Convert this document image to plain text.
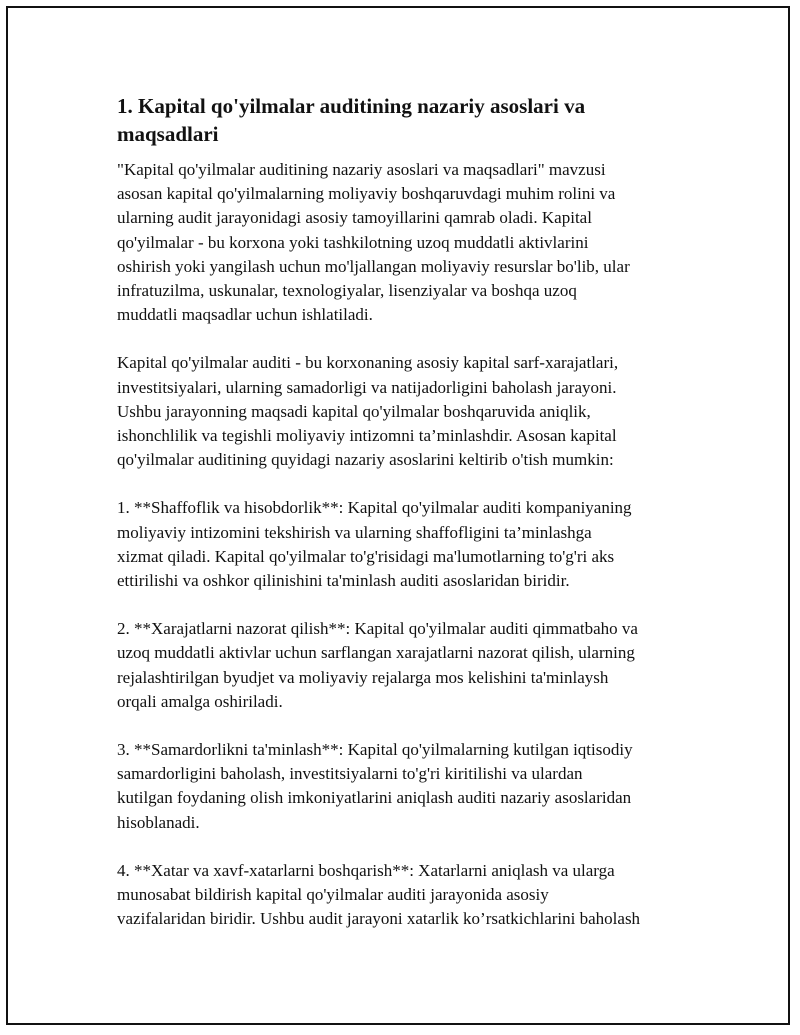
1. Kapital qo'yilmalar auditining nazariy asoslari va
maqsadlari

"Kapital qo'yilmalar auditining nazariy asoslari va maqsadlari" mavzusi
asosan kapital qo'yilmalarning moliyaviy boshqaruvdagi muhim rolini va
ularning audit jarayonidagi asosiy tamoyillarini qamrab oladi. Kapital
qo'yilmalar - bu korxona yoki tashkilotning uzoq muddatli aktivlarini
oshirish yoki yangilash uchun mo'ljallangan moliyaviy resurslar bo'lib, ular
infratuzilma, uskunalar, texnologiyalar, lisenziyalar va boshqa uzoq
muddatli maqsadlar uchun ishlatiladi.

Kapital qo'yilmalar auditi - bu korxonaning asosiy kapital sarf-xarajatlari,
investitsiyalari, ularning samadorligi va natijadorligini baholash jarayoni.
Ushbu jarayonning maqsadi kapital qo'yilmalar boshqaruvida aniqlik,
ishonchlilik va tegishli moliyaviy intizomni ta’minlashdir. Asosan kapital
qo'yilmalar auditining quyidagi nazariy asoslarini keltirib o'tish mumkin:

1. **Shaffoflik va hisobdorlik**: Kapital qo'yilmalar auditi kompaniyaning
moliyaviy intizomini tekshirish va ularning shaffofligini ta’minlashga
xizmat qiladi. Kapital qo'yilmalar to'g'risidagi ma'lumotlarning to'g'ri aks
ettirilishi va oshkor qilinishini ta'minlash auditi asoslaridan biridir.

2. **Xarajatlarni nazorat qilish**: Kapital qo'yilmalar auditi qimmatbaho va
uzoq muddatli aktivlar uchun sarflangan xarajatlarni nazorat qilish, ularning
rejalashtirilgan byudjet va moliyaviy rejalarga mos kelishini ta'minlaysh
orqali amalga oshiriladi.

3. **Samardorlikni ta'minlash**: Kapital qo'yilmalarning kutilgan iqtisodiy
samardorligini baholash, investitsiyalarni to'g'ri kiritilishi va ulardan
kutilgan foydaning olish imkoniyatlarini aniqlash auditi nazariy asoslaridan
hisoblanadi.

4. **Xatar va xavf-xatarlarni boshqarish**: Xatarlarni aniqlash va ularga
munosabat bildirish kapital qo'yilmalar auditi jarayonida asosiy
vazifalaridan biridir. Ushbu audit jarayoni xatarlik ko’rsatkichlarini baholash
